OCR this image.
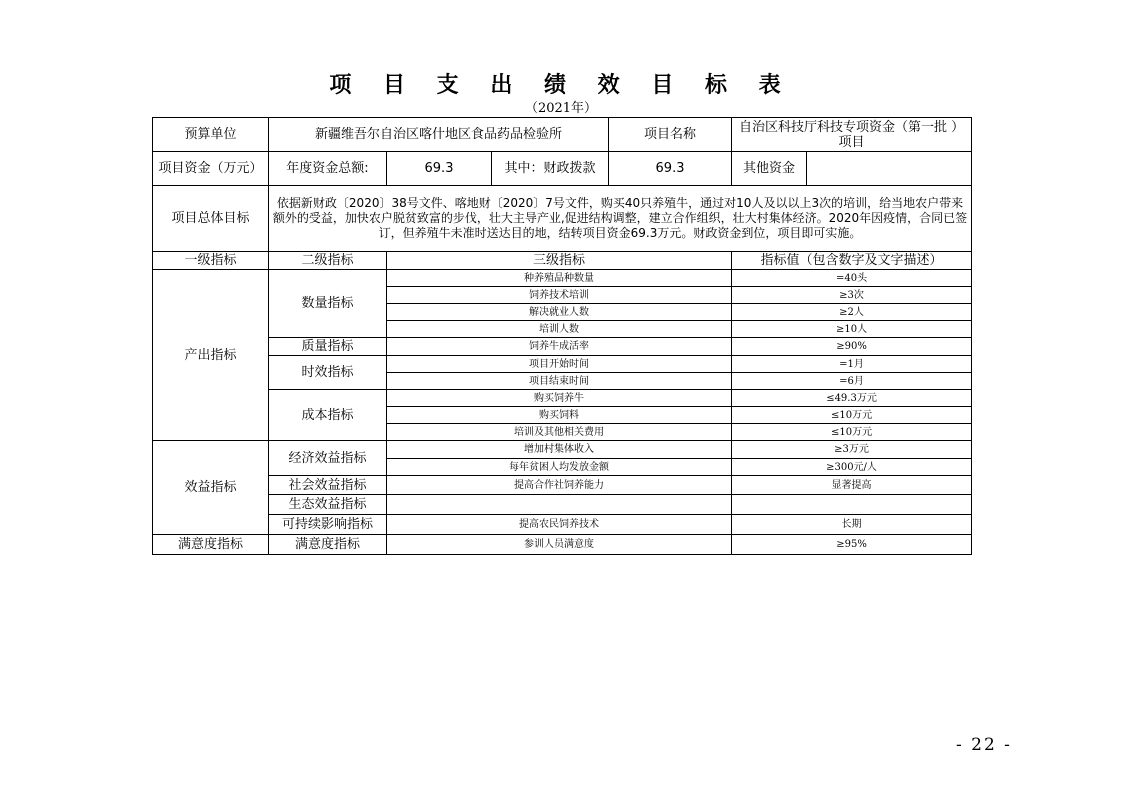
项 目 支 出 绩 效 目 标 表
（2021年）
预算单位	新疆维吾尔自治区喀什地区食品药品检验所			项目名称	自治区科技厅科技专项资金（第一批 ）项目	
项目资金（万元）	年度资金总额:	69.3	其中：财政拨款	69.3	其他资金	
项目总体目标	依据新财政〔2020〕38号文件、喀地财〔2020〕7号文件，购买40只养殖牛，通过对10人及以以上3次的培训，给当地农户带来额外的受益，加快农户脱贫致富的步伐，壮大主导产业,促进结构调整，建立合作组织，壮大村集体经济。2020年因疫情，合同已签订，但养殖牛未准时送达目的地，结转项目资金69.3万元。财政资金到位，项目即可实施。					
一级指标	二级指标	三级指标			指标值（包含数字及文字描述）	
产出指标	数量指标	种养殖品种数量			=40头	
		饲养技术培训			≥3次	
		解决就业人数			≥2人	
		培训人数			≥10人	
	质量指标	饲养牛成活率			≥90%	
	时效指标	项目开始时间			=1月	
		项目结束时间			=6月	
	成本指标	购买饲养牛			≤49.3万元	
		购买饲料			≤10万元	
		培训及其他相关费用			≤10万元	
效益指标	经济效益指标	增加村集体收入			≥3万元	
		每年贫困人均发放金额			≥300元/人	
	社会效益指标	提高合作社饲养能力			显著提高	
	生态效益指标					
	可持续影响指标	提高农民饲养技术			长期	
满意度指标	满意度指标	参训人员满意度			≥95%	
- 22 -
